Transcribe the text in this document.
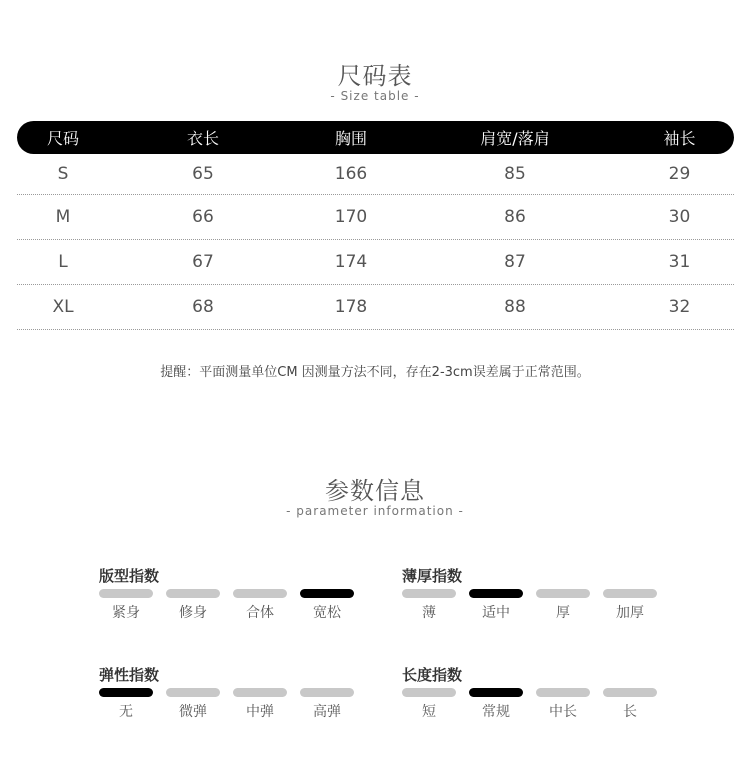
尺码表
- Size table -
尺码	衣长	胸围	肩宽/落肩	袖长
S	65	166	85	29
M	66	170	86	30
L	67	174	87	31
XL	68	178	88	32
提醒：平面测量单位CM 因测量方法不同，存在2-3cm误差属于正常范围。
参数信息
- parameter information -
版型指数
紧身	修身	合体	宽松
薄厚指数
薄	适中	厚	加厚
弹性指数
无	微弹	中弹	高弹
长度指数
短	常规	中长	长
